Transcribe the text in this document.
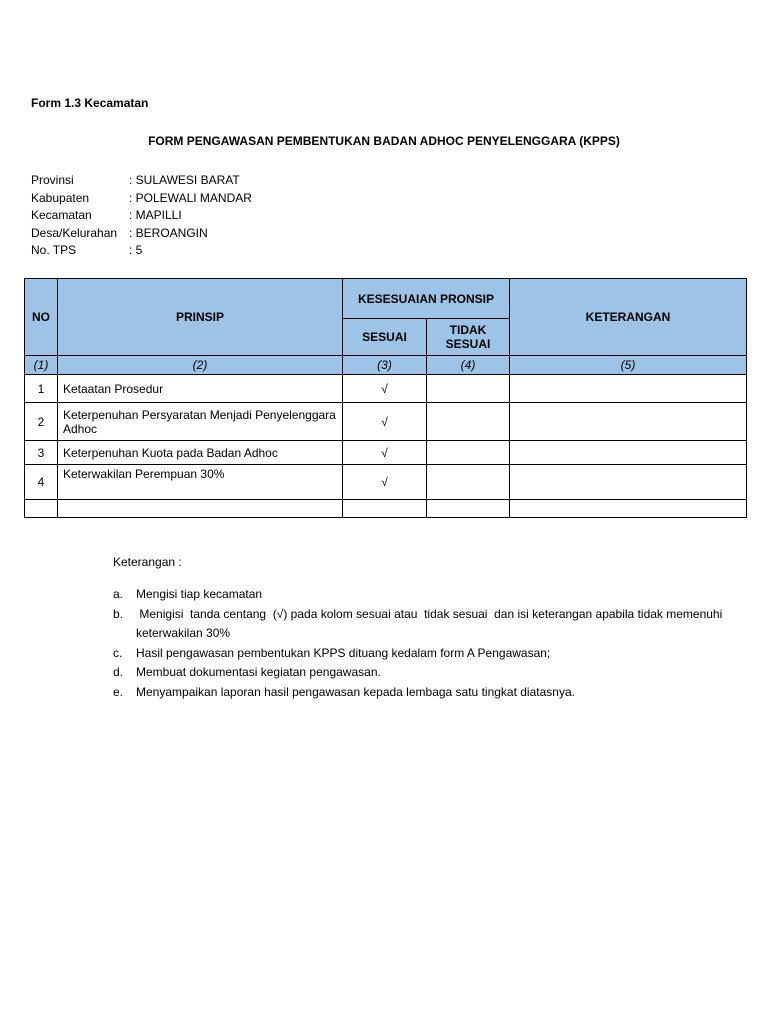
Form 1.3 Kecamatan
FORM PENGAWASAN PEMBENTUKAN BADAN ADHOC PENYELENGGARA (KPPS)
Provinsi	: SULAWESI BARAT
Kabupaten	: POLEWALI MANDAR
Kecamatan	: MAPILLI
Desa/Kelurahan : BEROANGIN
No. TPS	: 5
NO	PRINSIP	KESESUAIAN PRONSIP		KETERANGAN
		SESUAI	TIDAK SESUAI	
(1)	(2)	(3)	(4)	(5)
1	Ketaatan Prosedur	√		
2	Keterpenuhan Persyaratan Menjadi Penyelenggara Adhoc	√		
3	Keterpenuhan Kuota pada Badan Adhoc	√		
4	Keterwakilan Perempuan 30%	√		

Keterangan :
a.	Mengisi tiap kecamatan
b.	Menigisi  tanda centang  (√) pada kolom sesuai atau  tidak sesuai  dan isi keterangan apabila tidak memenuhi keterwakilan 30%
c.	Hasil pengawasan pembentukan KPPS dituang kedalam form A Pengawasan;
d.	Membuat dokumentasi kegiatan pengawasan.
e.	Menyampaikan laporan hasil pengawasan kepada lembaga satu tingkat diatasnya.
